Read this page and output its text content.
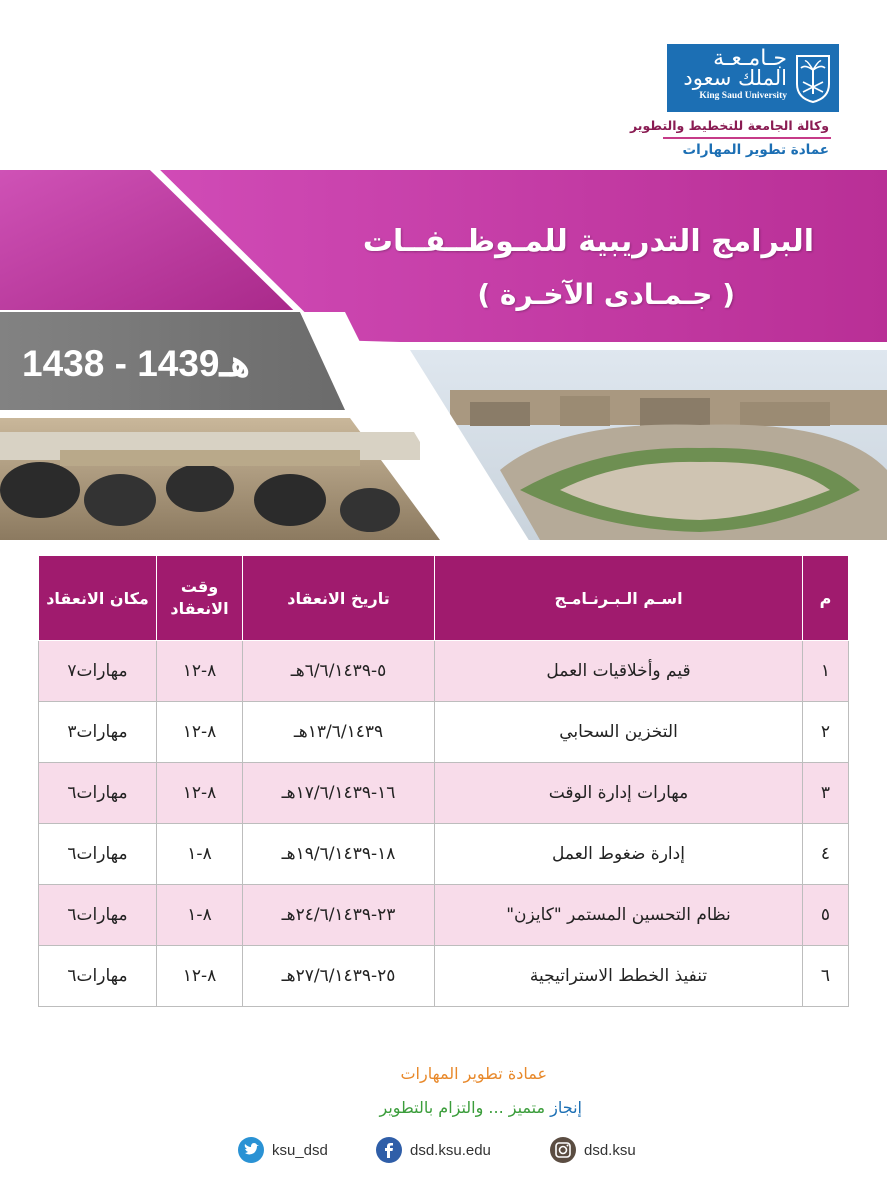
جـامـعـة
الملك سعود
King Saud University
وكالة الجامعة للتخطيط والتطوير
عمادة تطوير المهارات
البرامج التدريبية للمـوظــفــات
( جـمـادى الآخـرة )
1438 - 1439هـ
م	اسـم الـبـرنـامـج	تاريخ الانعقاد	وقت الانعقاد	مكان الانعقاد
١	قيم وأخلاقيات العمل	٥-٦/٦/١٤٣٩هـ	٨-١٢	مهارات٧
٢	التخزين السحابي	١٣/٦/١٤٣٩هـ	٨-١٢	مهارات٣
٣	مهارات إدارة الوقت	١٦-١٧/٦/١٤٣٩هـ	٨-١٢	مهارات٦
٤	إدارة ضغوط العمل	١٨-١٩/٦/١٤٣٩هـ	٨-١	مهارات٦
٥	نظام التحسين المستمر "كايزن"	٢٣-٢٤/٦/١٤٣٩هـ	٨-١	مهارات٦
٦	تنفيذ الخطط الاستراتيجية	٢٥-٢٧/٦/١٤٣٩هـ	٨-١٢	مهارات٦
عمادة تطوير المهارات
إنجاز متميز ... والتزام بالتطوير
ksu_dsd	dsd.ksu.edu	dsd.ksu
